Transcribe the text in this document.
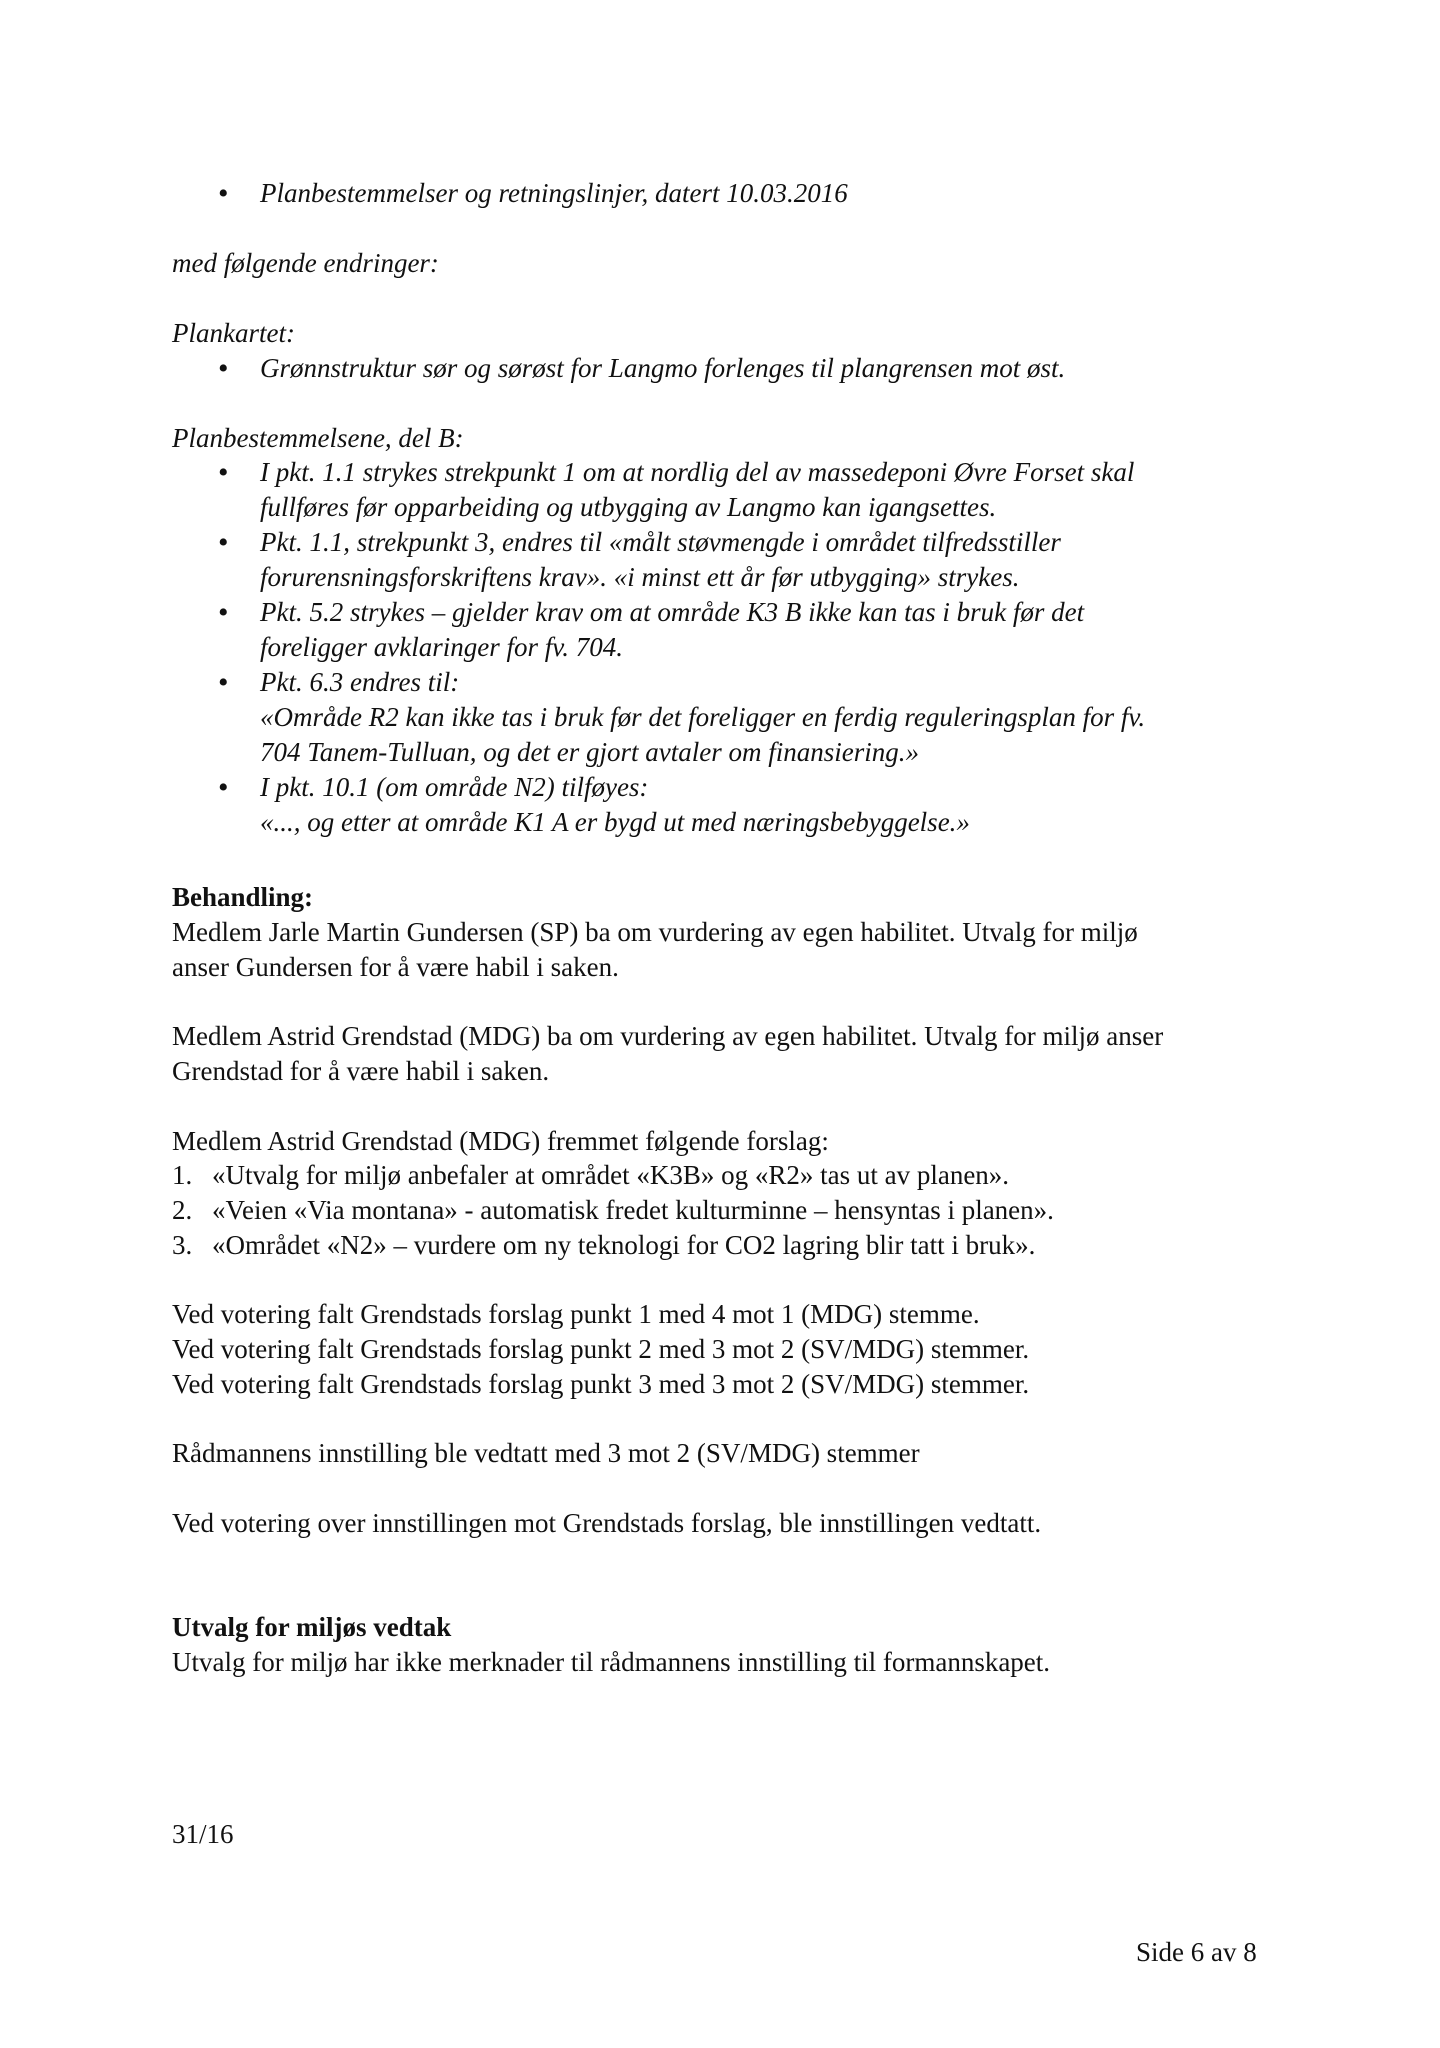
• Planbestemmelser og retningslinjer, datert 10.03.2016
med følgende endringer:
Plankartet:
• Grønnstruktur sør og sørøst for Langmo forlenges til plangrensen mot øst.
Planbestemmelsene, del B:
• I pkt. 1.1 strykes strekpunkt 1 om at nordlig del av massedeponi Øvre Forset skal
fullføres før opparbeiding og utbygging av Langmo kan igangsettes.
• Pkt. 1.1, strekpunkt 3, endres til «målt støvmengde i området tilfredsstiller
forurensningsforskriftens krav». «i minst ett år før utbygging» strykes.
• Pkt. 5.2 strykes – gjelder krav om at område K3 B ikke kan tas i bruk før det
foreligger avklaringer for fv. 704.
• Pkt. 6.3 endres til:
«Område R2 kan ikke tas i bruk før det foreligger en ferdig reguleringsplan for fv.
704 Tanem-Tulluan, og det er gjort avtaler om finansiering.»
• I pkt. 10.1 (om område N2) tilføyes:
«..., og etter at område K1 A er bygd ut med næringsbebyggelse.»
Behandling:
Medlem Jarle Martin Gundersen (SP) ba om vurdering av egen habilitet. Utvalg for miljø
anser Gundersen for å være habil i saken.
Medlem Astrid Grendstad (MDG) ba om vurdering av egen habilitet. Utvalg for miljø anser
Grendstad for å være habil i saken.
Medlem Astrid Grendstad (MDG) fremmet følgende forslag:
1. «Utvalg for miljø anbefaler at området «K3B» og «R2» tas ut av planen».
2. «Veien «Via montana» - automatisk fredet kulturminne – hensyntas i planen».
3. «Området «N2» – vurdere om ny teknologi for CO2 lagring blir tatt i bruk».
Ved votering falt Grendstads forslag punkt 1 med 4 mot 1 (MDG) stemme.
Ved votering falt Grendstads forslag punkt 2 med 3 mot 2 (SV/MDG) stemmer.
Ved votering falt Grendstads forslag punkt 3 med 3 mot 2 (SV/MDG) stemmer.
Rådmannens innstilling ble vedtatt med 3 mot 2 (SV/MDG) stemmer
Ved votering over innstillingen mot Grendstads forslag, ble innstillingen vedtatt.
Utvalg for miljøs vedtak
Utvalg for miljø har ikke merknader til rådmannens innstilling til formannskapet.
31/16
Side 6 av 8
